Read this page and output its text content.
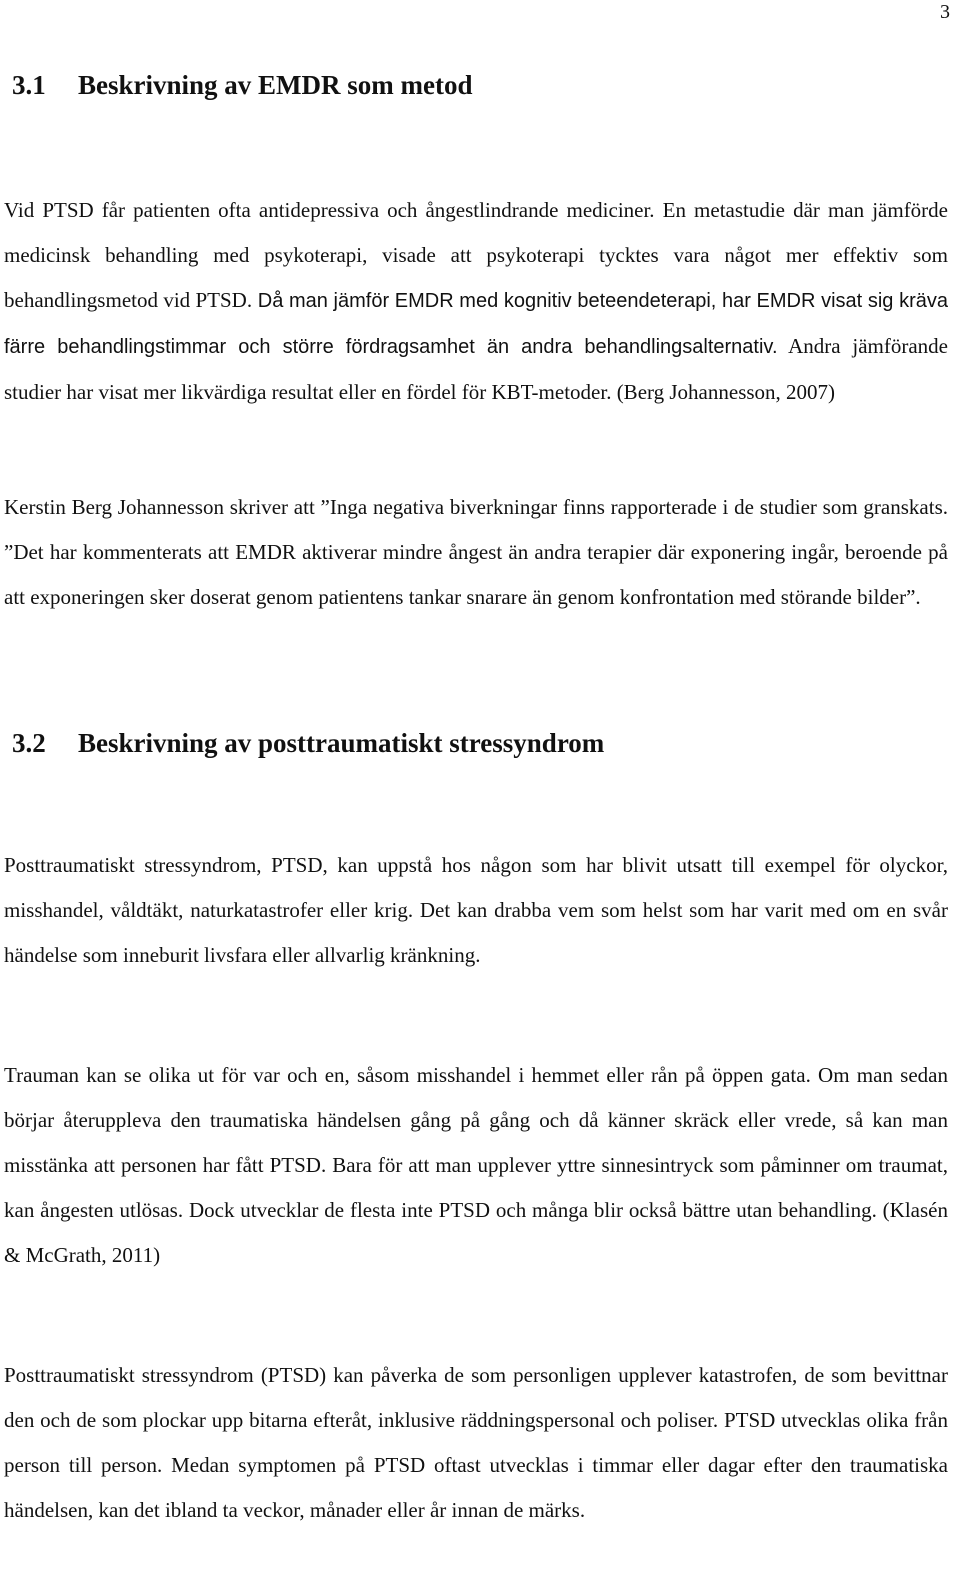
3
3.1 Beskrivning av EMDR som metod

Vid PTSD får patienten ofta antidepressiva och ångestlindrande mediciner. En metastudie där man jämförde medicinsk behandling med psykoterapi, visade att psykoterapi tycktes vara något mer effektiv som behandlingsmetod vid PTSD. Då man jämför EMDR med kognitiv beteendeterapi, har EMDR visat sig kräva färre behandlingstimmar och större fördragsamhet än andra behandlingsalternativ. Andra jämförande studier har visat mer likvärdiga resultat eller en fördel för KBT-metoder. (Berg Johannesson, 2007)

Kerstin Berg Johannesson skriver att ”Inga negativa biverkningar finns rapporterade i de studier som granskats. ”Det har kommenterats att EMDR aktiverar mindre ångest än andra terapier där exponering ingår, beroende på att exponeringen sker doserat genom patientens tankar snarare än genom konfrontation med störande bilder”.

3.2 Beskrivning av posttraumatiskt stressyndrom

Posttraumatiskt stressyndrom, PTSD, kan uppstå hos någon som har blivit utsatt till exempel för olyckor, misshandel, våldtäkt, naturkatastrofer eller krig. Det kan drabba vem som helst som har varit med om en svår händelse som inneburit livsfara eller allvarlig kränkning.

Trauman kan se olika ut för var och en, såsom misshandel i hemmet eller rån på öppen gata. Om man sedan börjar återuppleva den traumatiska händelsen gång på gång och då känner skräck eller vrede, så kan man misstänka att personen har fått PTSD. Bara för att man upplever yttre sinnesintryck som påminner om traumat, kan ångesten utlösas. Dock utvecklar de flesta inte PTSD och många blir också bättre utan behandling. (Klasén & McGrath, 2011)

Posttraumatiskt stressyndrom (PTSD) kan påverka de som personligen upplever katastrofen, de som bevittnar den och de som plockar upp bitarna efteråt, inklusive räddningspersonal och poliser. PTSD utvecklas olika från person till person. Medan symptomen på PTSD oftast utvecklas i timmar eller dagar efter den traumatiska händelsen, kan det ibland ta veckor, månader eller år innan de märks.
